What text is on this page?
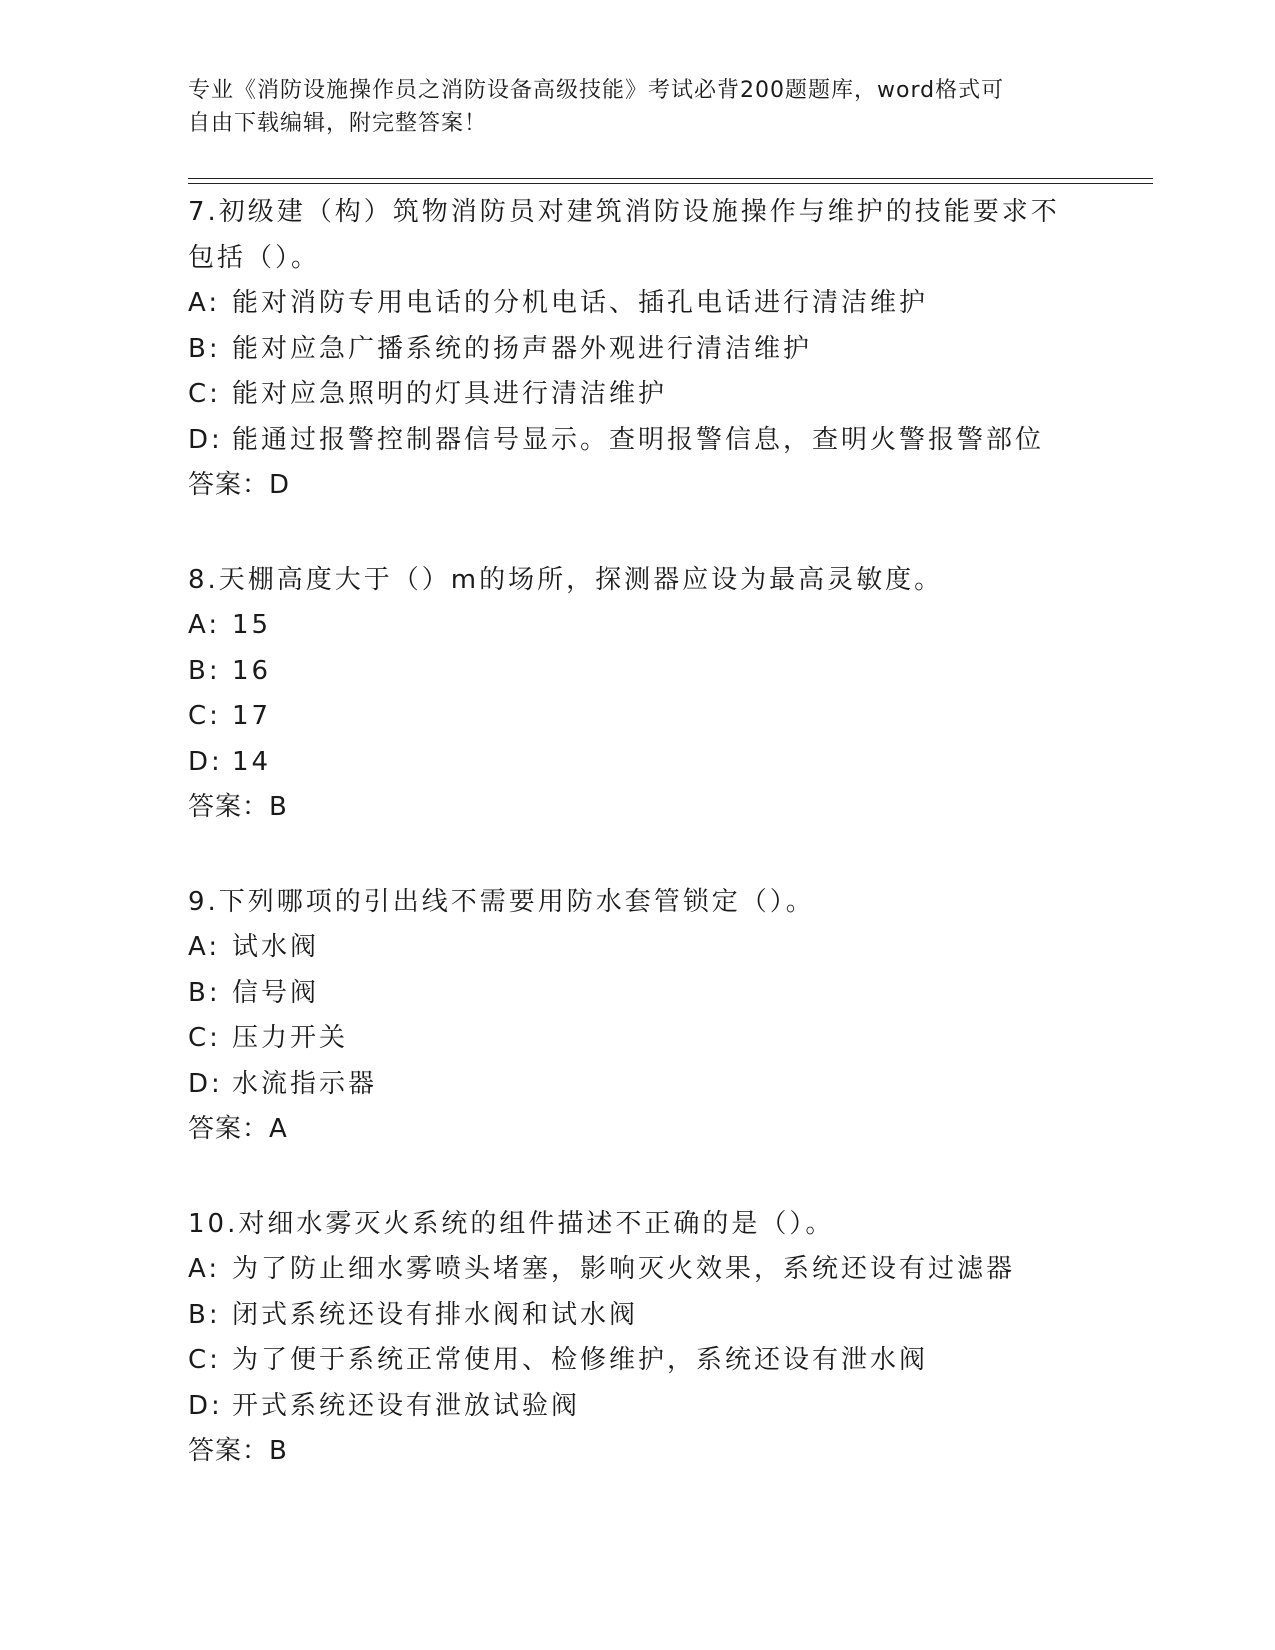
专业《消防设施操作员之消防设备高级技能》考试必背200题题库，word格式可
自由下载编辑，附完整答案！

7.初级建（构）筑物消防员对建筑消防设施操作与维护的技能要求不

包括（）。

A: 能对消防专用电话的分机电话、插孔电话进行清洁维护

B: 能对应急广播系统的扬声器外观进行清洁维护

C: 能对应急照明的灯具进行清洁维护

D: 能通过报警控制器信号显示。查明报警信息，查明火警报警部位

答案：D

8.天棚高度大于（）m的场所，探测器应设为最高灵敏度。

A: 15

B: 16

C: 17

D: 14

答案：B

9.下列哪项的引出线不需要用防水套管锁定（）。

A: 试水阀

B: 信号阀

C: 压力开关

D: 水流指示器

答案：A

10.对细水雾灭火系统的组件描述不正确的是（）。

A: 为了防止细水雾喷头堵塞，影响灭火效果，系统还设有过滤器

B: 闭式系统还设有排水阀和试水阀

C: 为了便于系统正常使用、检修维护，系统还设有泄水阀

D: 开式系统还设有泄放试验阀

答案：B
